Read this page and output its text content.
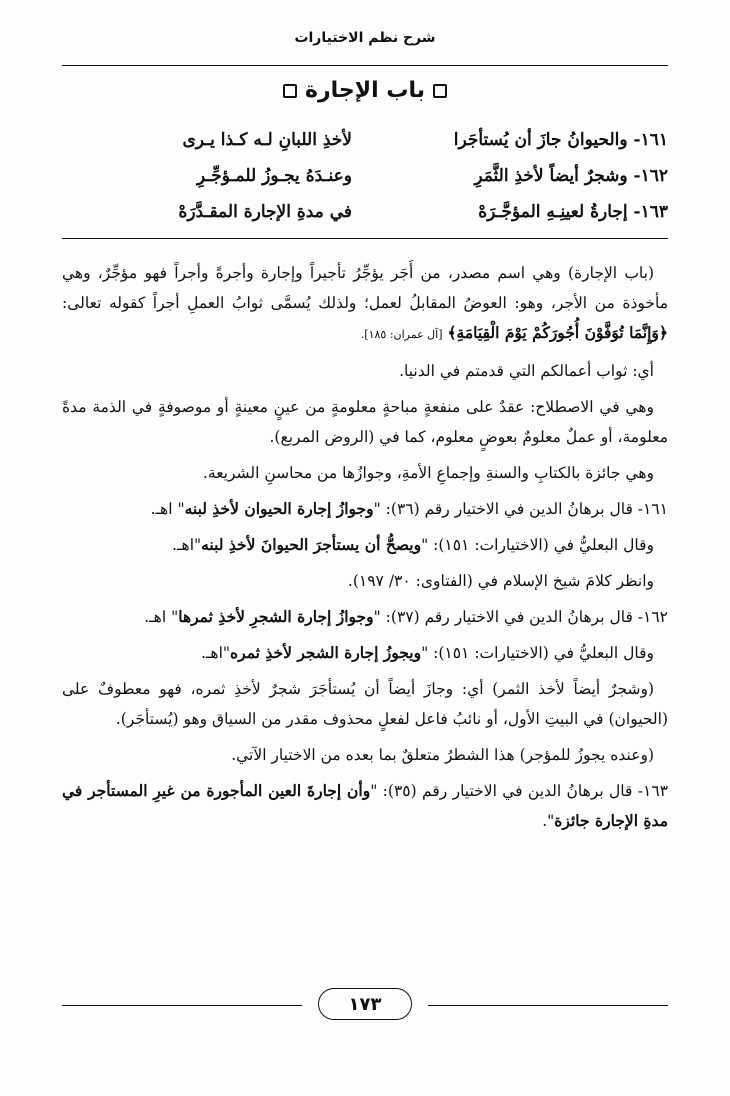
شرح نظم الاختيارات
باب الإجارة
١٦١- والحيوانُ جازَ أن يُستأجَرا
لأخذِ اللبانِ لـه كـذا يـرى
١٦٢- وشجرٌ أيضاً لأخذِ الثَّمَرِ
وعنـدَهُ يجـوزُ للمـؤجِّـرِ
١٦٣- إجارةُ لعينِـهِ المؤجَّـرَهْ
في مدةِ الإجارة المقـدَّرَهْ

(باب الإجارة) وهي اسم مصدر، من أَجَر يؤجِّرُ تأجيراً وإجارة وأجرةً وأجراً فهو مؤجِّرٌ، وهي مأخوذة من الأجر، وهو: العوضُ المقابلُ لعمل؛ ولذلك يُسمَّى ثوابُ العملِ أجراً كقوله تعالى: ﴿وَإِنَّمَا تُوَفَّوْنَ أُجُورَكُمْ يَوْمَ الْقِيَامَةِ﴾ [آل عمران: ١٨٥].

أي: ثواب أعمالكم التي قدمتم في الدنيا.

وهي في الاصطلاح: عقدٌ على منفعةٍ مباحةٍ معلومةٍ من عينٍ معينةٍ أو موصوفةٍ في الذمة مدةً معلومة، أو عملٌ معلومٌ بعوضٍ معلوم، كما في (الروض المربع).

وهي جائزة بالكتابِ والسنةِ وإجماعِ الأمةِ، وجوازُها من محاسنِ الشريعة.

١٦١- قال برهانُ الدين في الاختيار رقم (٣٦): "وجوازُ إجارة الحيوان لأخذِ لبنه" اهـ.

وقال البعليُّ في (الاختيارات: ١٥١): "ويصحُّ أن يستأجرَ الحيوانَ لأخذِ لبنه"اهـ.

وانظر كلامَ شيخ الإسلام في (الفتاوى: ٣٠/ ١٩٧).

١٦٢- قال برهانُ الدين في الاختيار رقم (٣٧): "وجوازُ إجارة الشجرِ لأخذِ ثمرها" اهـ.

وقال البعليُّ في (الاختيارات: ١٥١): "ويجوزُ إجارة الشجر لأخذِ ثمره"اهـ.

(وشجرٌ أيضاً لأخذ الثمر) أي: وجازَ أيضاً أن يُستأجَرَ شجرٌ لأخذِ ثمره، فهو معطوفٌ على (الحيوان) في البيتِ الأول، أو نائبُ فاعل لفعلٍ محذوف مقدر من السياق وهو (يُستأجَر).

(وعنده يجوزُ للمؤجر) هذا الشطرُ متعلقٌ بما بعده من الاختيار الآتي.

١٦٣- قال برهانُ الدين في الاختيار رقم (٣٥): "وأن إجارةَ العين المأجورة من غيرِ المستأجر في مدةِ الإجارة جائزة".

١٧٣
